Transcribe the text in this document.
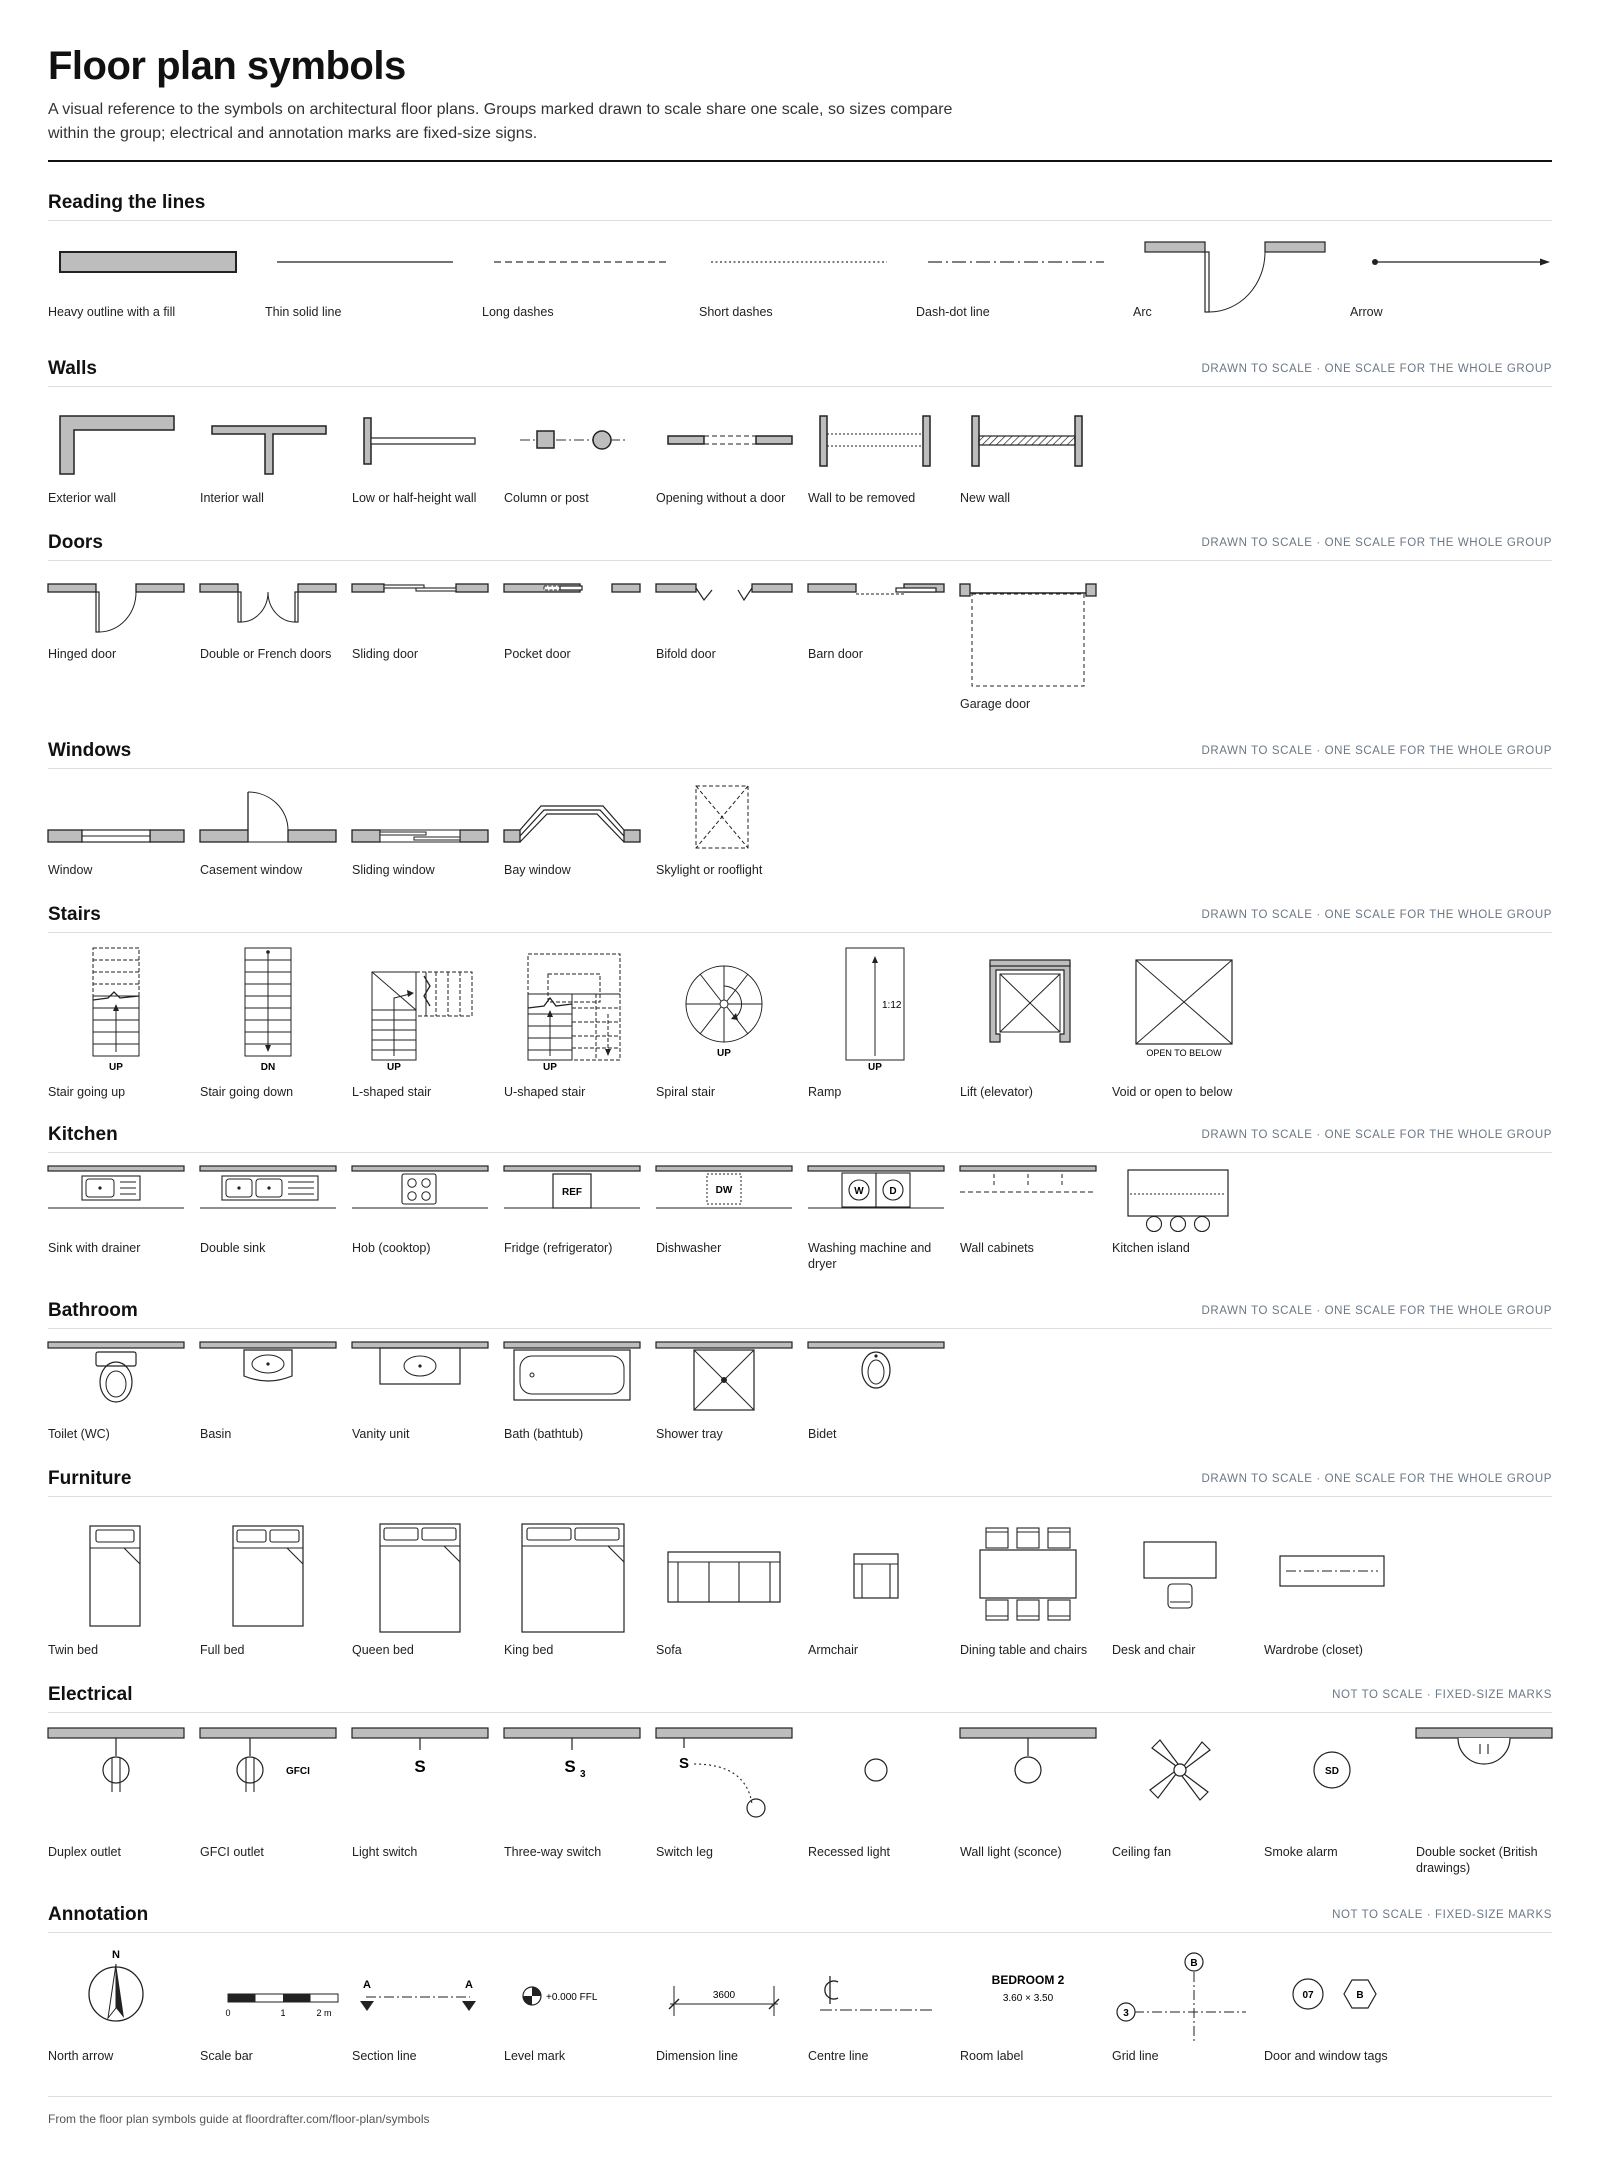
Floor plan symbols

A visual reference to the symbols on architectural floor plans. Groups marked drawn to scale share one scale, so sizes compare within the group; electrical and annotation marks are fixed-size signs.

Reading the lines
Heavy outline with a fill	Thin solid line	Long dashes	Short dashes	Dash-dot line	Arc	Arrow
Walls	DRAWN TO SCALE · ONE SCALE FOR THE WHOLE GROUP
Exterior wall	Interior wall	Low or half-height wall Column or post	Opening without a door Wall to be removed	New wall
Doors	DRAWN TO SCALE · ONE SCALE FOR THE WHOLE GROUP
Hinged door	Double or French doors Sliding door	Pocket door	Bifold door	Barn door
Garage door
Windows	DRAWN TO SCALE · ONE SCALE FOR THE WHOLE GROUP
Window	Casement window	Sliding window	Bay window	Skylight or rooflight
Stairs	DRAWN TO SCALE · ONE SCALE FOR THE WHOLE GROUP
UP
Stair going up
DN
Stair going down
UP
L-shaped stair
UP
U-shaped stair
UP
Spiral stair
1:12
UP
Ramp	Lift (elevator)
OPEN TO BELOW
Void or open to below
Kitchen	DRAWN TO SCALE · ONE SCALE FOR THE WHOLE GROUP
Sink with drainer	Double sink	Hob (cooktop)
REF
Fridge (refrigerator)
DW
Dishwasher
W	D
Washing machine and dryer
Wall cabinets	Kitchen island
Bathroom	DRAWN TO SCALE · ONE SCALE FOR THE WHOLE GROUP
Toilet (WC)	Basin	Vanity unit	Bath (bathtub)	Shower tray	Bidet
Furniture	DRAWN TO SCALE · ONE SCALE FOR THE WHOLE GROUP
Twin bed	Full bed	Queen bed	King bed	Sofa	Armchair	Dining table and chairs Desk and chair	Wardrobe (closet)
Electrical	NOT TO SCALE · FIXED-SIZE MARKS
Duplex outlet
GFCI
GFCI outlet
S
Light switch
S 3
Three-way switch
S
Switch leg	Recessed light	Wall light (sconce)	Ceiling fan
SD
Smoke alarm	Double socket (British drawings)
Annotation	NOT TO SCALE · FIXED-SIZE MARKS
N
North arrow
0	1	2 m
Scale bar
A	A
Section line
+0.000 FFL
Level mark
3600
Dimension line	Centre line
BEDROOM 2
3.60 × 3.50
Room label
B
3
Grid line
07	B
Door and window tags
From the floor plan symbols guide at floordrafter.com/floor-plan/symbols
